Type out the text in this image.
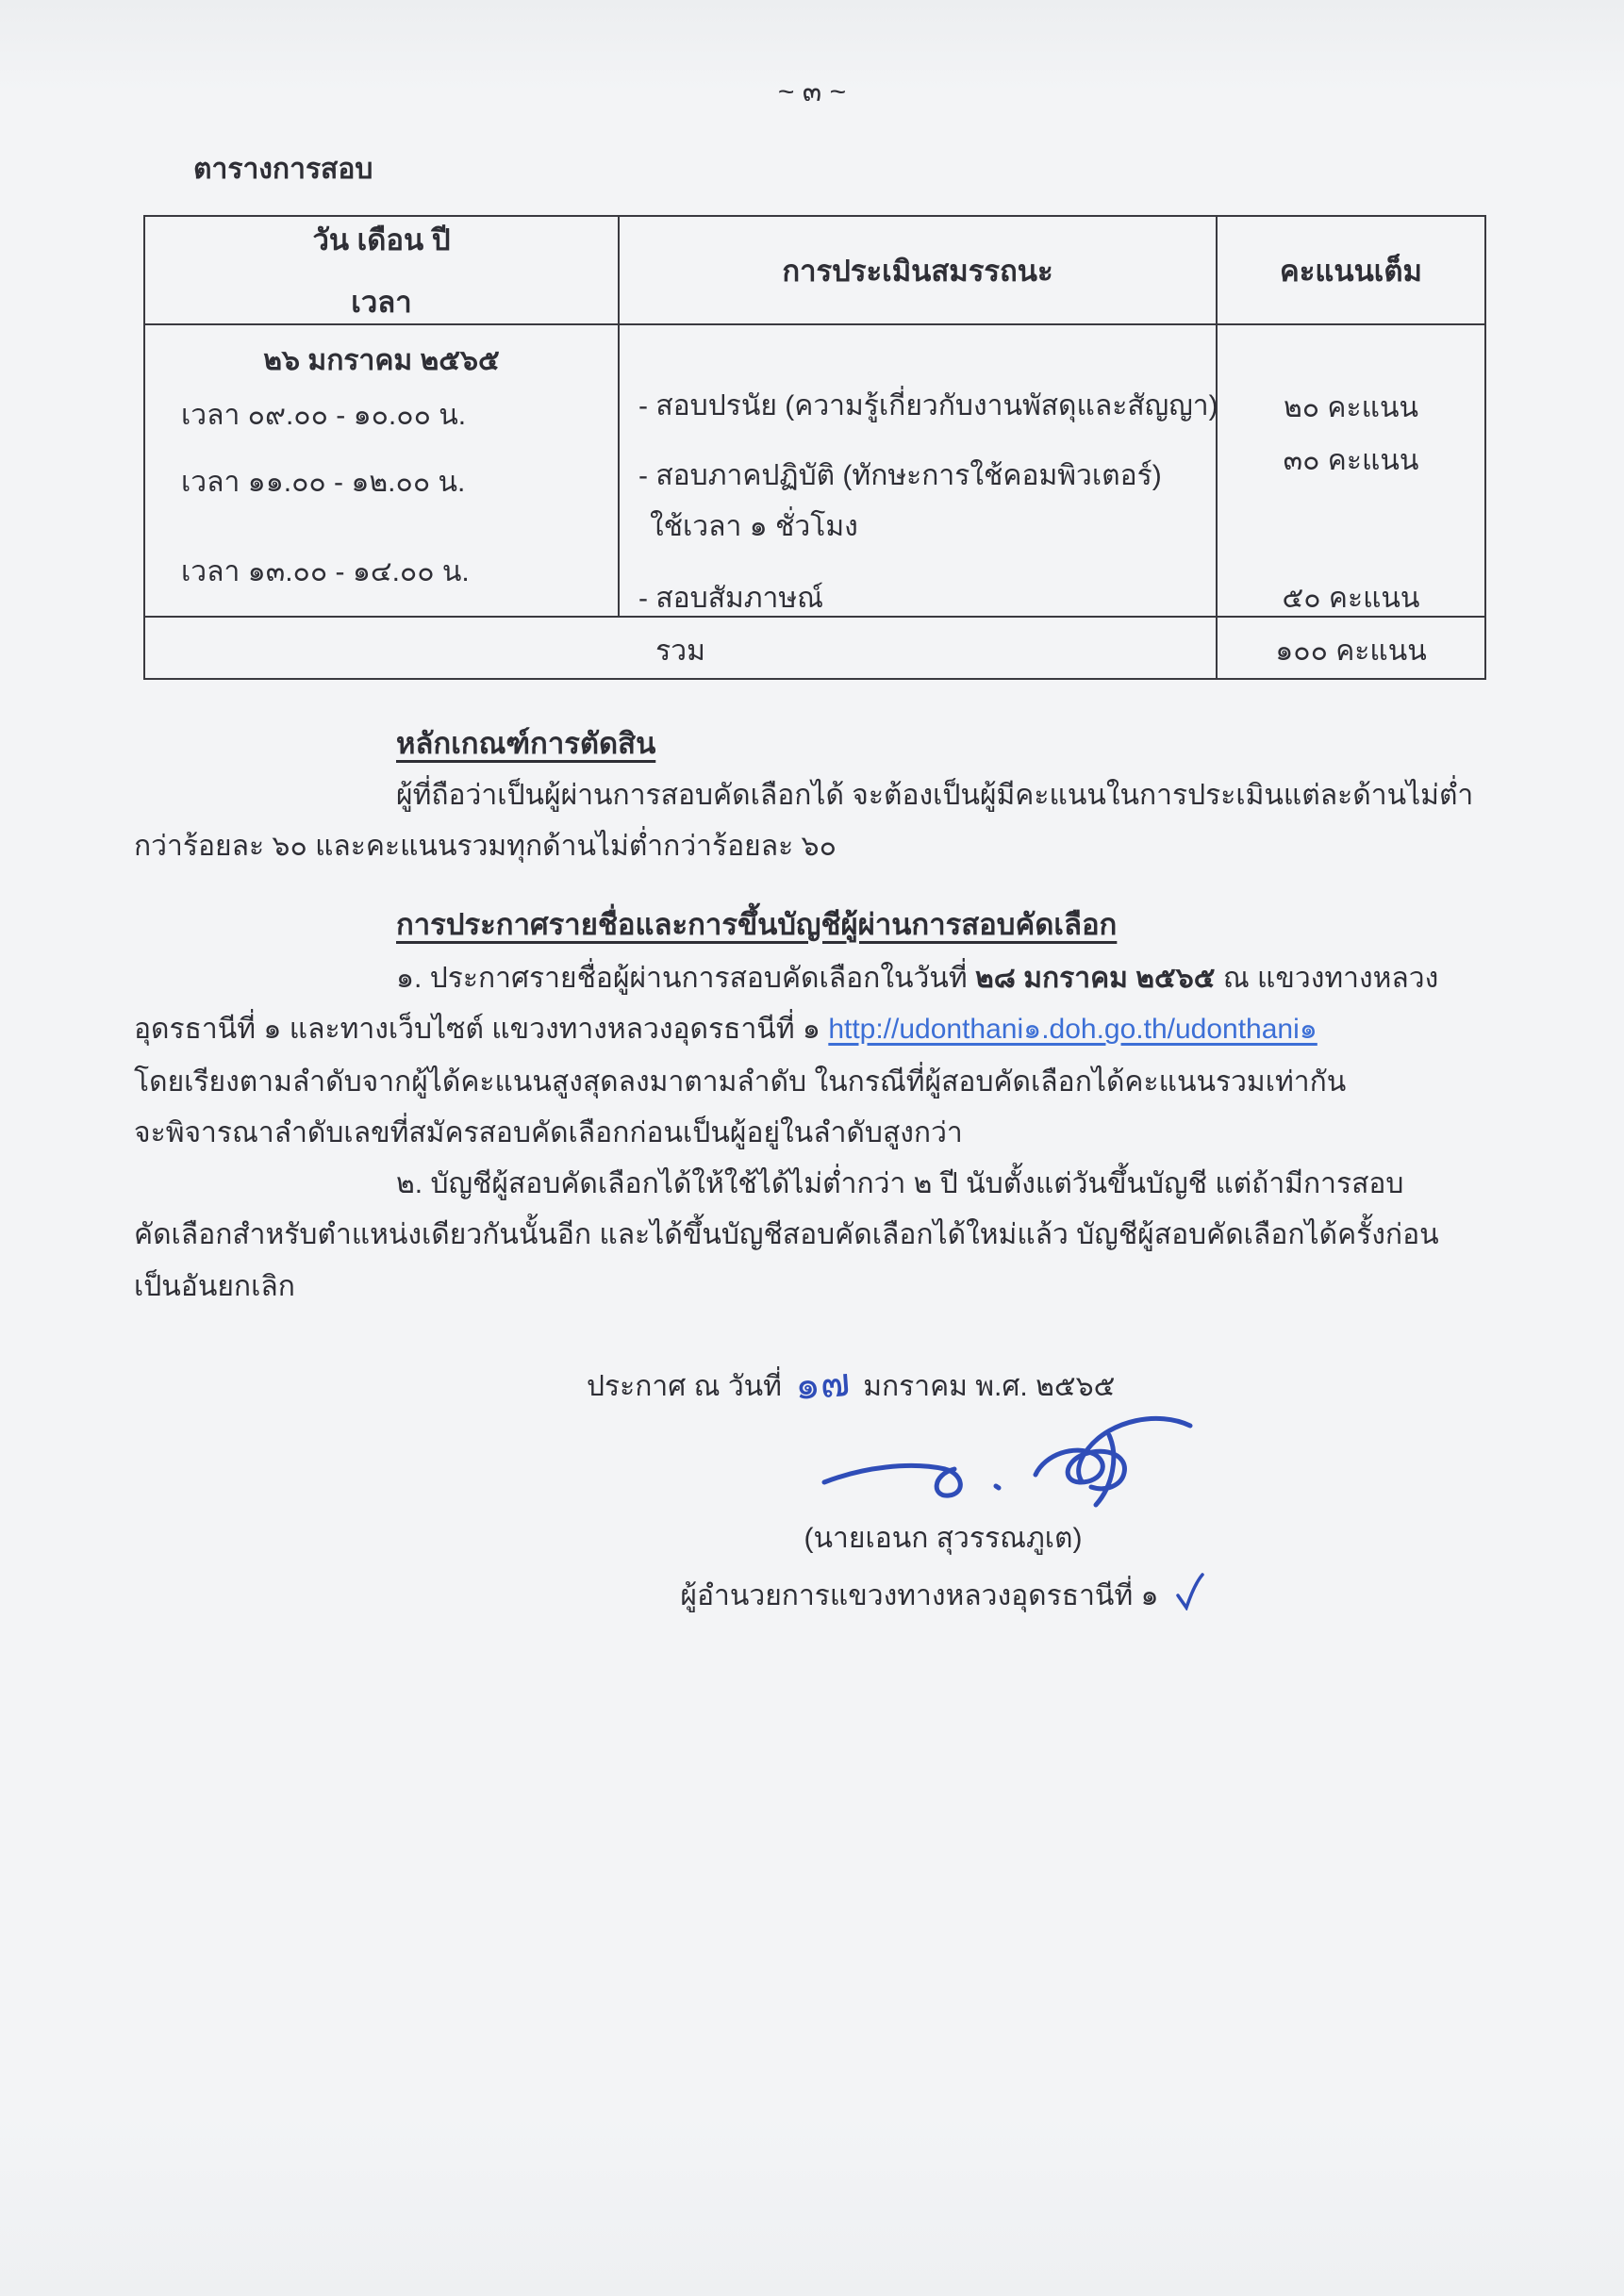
~ ๓ ~
ตารางการสอบ
วัน เดือน ปี
เวลา
การประเมินสมรรถนะ	คะแนนเต็ม
๒๖ มกราคม ๒๕๖๕
เวลา ๐๙.๐๐ - ๑๐.๐๐ น.
เวลา ๑๑.๐๐ - ๑๒.๐๐ น.
เวลา ๑๓.๐๐ - ๑๔.๐๐ น.
- สอบปรนัย (ความรู้เกี่ยวกับงานพัสดุและสัญญา)
- สอบภาคปฏิบัติ (ทักษะการใช้คอมพิวเตอร์)
ใช้เวลา ๑ ชั่วโมง
- สอบสัมภาษณ์
๒๐ คะแนน
๓๐ คะแนน
๕๐ คะแนน
รวม	๑๐๐ คะแนน
หลักเกณฑ์การตัดสิน
ผู้ที่ถือว่าเป็นผู้ผ่านการสอบคัดเลือกได้ จะต้องเป็นผู้มีคะแนนในการประเมินแต่ละด้านไม่ต่ำ
กว่าร้อยละ ๖๐ และคะแนนรวมทุกด้านไม่ต่ำกว่าร้อยละ ๖๐
การประกาศรายชื่อและการขึ้นบัญชีผู้ผ่านการสอบคัดเลือก
๑. ประกาศรายชื่อผู้ผ่านการสอบคัดเลือกในวันที่ ๒๘ มกราคม ๒๕๖๕ ณ แขวงทางหลวง
อุดรธานีที่ ๑ และทางเว็บไซต์ แขวงทางหลวงอุดรธานีที่ ๑ http://udonthani๑.doh.go.th/udonthani๑
โดยเรียงตามลำดับจากผู้ได้คะแนนสูงสุดลงมาตามลำดับ ในกรณีที่ผู้สอบคัดเลือกได้คะแนนรวมเท่ากัน
จะพิจารณาลำดับเลขที่สมัครสอบคัดเลือกก่อนเป็นผู้อยู่ในลำดับสูงกว่า
๒. บัญชีผู้สอบคัดเลือกได้ให้ใช้ได้ไม่ต่ำกว่า ๒ ปี นับตั้งแต่วันขึ้นบัญชี แต่ถ้ามีการสอบ
คัดเลือกสำหรับตำแหน่งเดียวกันนั้นอีก และได้ขึ้นบัญชีสอบคัดเลือกได้ใหม่แล้ว บัญชีผู้สอบคัดเลือกได้ครั้งก่อน
เป็นอันยกเลิก
ประกาศ ณ วันที่ ๑๗ มกราคม พ.ศ. ๒๕๖๕
(นายเอนก สุวรรณภูเต)
ผู้อำนวยการแขวงทางหลวงอุดรธานีที่ ๑
